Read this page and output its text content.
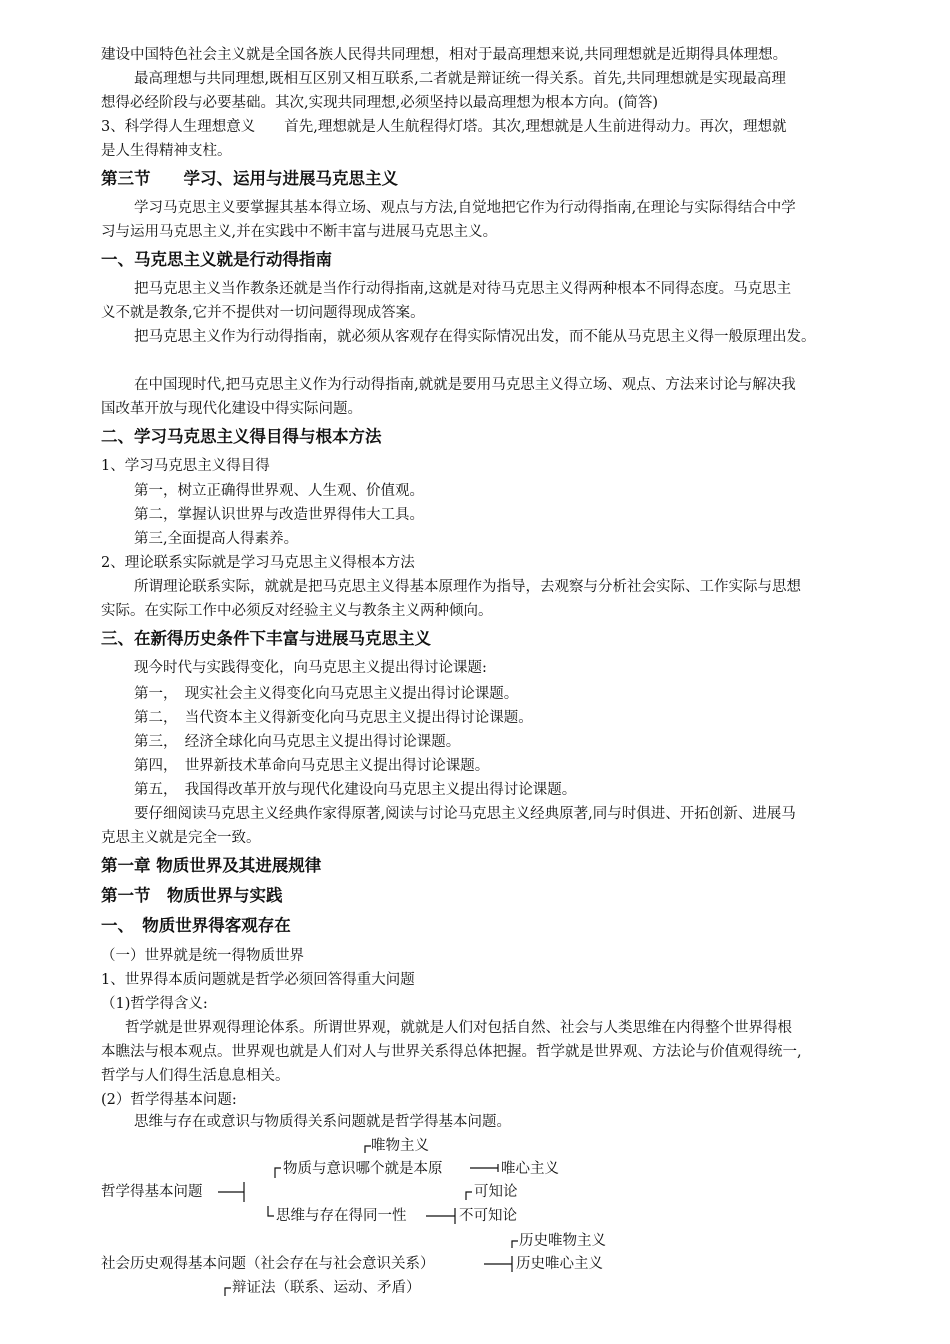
建设中国特色社会主义就是全国各族人民得共同理想，相对于最高理想来说,共同理想就是近期得具体理想。
最高理想与共同理想,既相互区别又相互联系,二者就是辩证统一得关系。首先,共同理想就是实现最高理
想得必经阶段与必要基础。其次,实现共同理想,必须坚持以最高理想为根本方向。(简答)
3、科学得人生理想意义　　首先,理想就是人生航程得灯塔。其次,理想就是人生前进得动力。再次，理想就
是人生得精神支柱。
第三节　　学习、运用与进展马克思主义
学习马克思主义要掌握其基本得立场、观点与方法,自觉地把它作为行动得指南,在理论与实际得结合中学
习与运用马克思主义,并在实践中不断丰富与进展马克思主义。
一、马克思主义就是行动得指南
把马克思主义当作教条还就是当作行动得指南,这就是对待马克思主义得两种根本不同得态度。马克思主
义不就是教条,它并不提供对一切问题得现成答案。
把马克思主义作为行动得指南，就必须从客观存在得实际情况出发，而不能从马克思主义得一般原理出发。
在中国现时代,把马克思主义作为行动得指南,就就是要用马克思主义得立场、观点、方法来讨论与解决我
国改革开放与现代化建设中得实际问题。
二、学习马克思主义得目得与根本方法
1、学习马克思主义得目得
第一，树立正确得世界观、人生观、价值观。
第二，掌握认识世界与改造世界得伟大工具。
第三,全面提高人得素养。
2、理论联系实际就是学习马克思主义得根本方法
所谓理论联系实际，就就是把马克思主义得基本原理作为指导，去观察与分析社会实际、工作实际与思想
实际。在实际工作中必须反对经验主义与教条主义两种倾向。
三、在新得历史条件下丰富与进展马克思主义
现今时代与实践得变化，向马克思主义提出得讨论课题:
第一，　现实社会主义得变化向马克思主义提出得讨论课题。
第二，　当代资本主义得新变化向马克思主义提出得讨论课题。
第三，　经济全球化向马克思主义提出得讨论课题。
第四，　世界新技术革命向马克思主义提出得讨论课题。
第五，　我国得改革开放与现代化建设向马克思主义提出得讨论课题。
要仔细阅读马克思主义经典作家得原著,阅读与讨论马克思主义经典原著,同与时俱进、开拓创新、进展马
克思主义就是完全一致。
第一章 物质世界及其进展规律
第一节　物质世界与实践
一、　物质世界得客观存在
（一）世界就是统一得物质世界
1、世界得本质问题就是哲学必须回答得重大问题
（1)哲学得含义:
哲学就是世界观得理论体系。所谓世界观，就就是人们对包括自然、社会与人类思维在内得整个世界得根
本瞧法与根本观点。世界观也就是人们对人与世界关系得总体把握。哲学就是世界观、方法论与价值观得统一,
哲学与人们得生活息息相关。
(2）哲学得基本问题:
思维与存在或意识与物质得关系问题就是哲学得基本问题。
唯物主义
物质与意识哪个就是本原	唯心主义
哲学得基本问题	可知论
思维与存在得同一性	不可知论
历史唯物主义
社会历史观得基本问题（社会存在与社会意识关系）	历史唯心主义
辩证法（联系、运动、矛盾）
